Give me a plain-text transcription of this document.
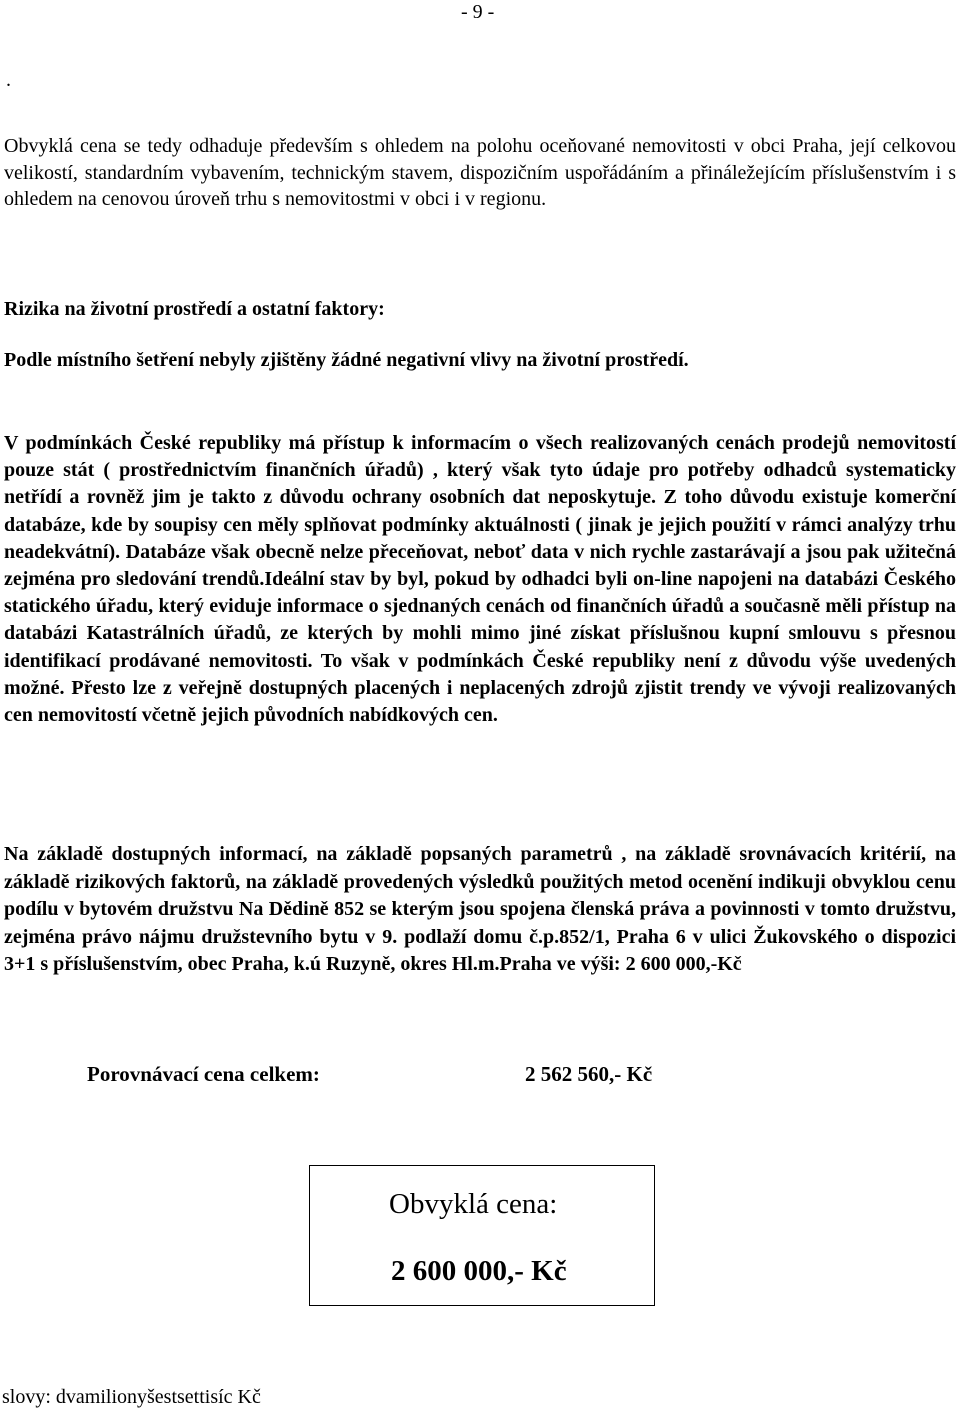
- 9 -
.
Obvyklá cena se tedy odhaduje především s ohledem na polohu oceňované nemovitosti v obci Praha, její celkovou velikostí, standardním vybavením, technickým stavem, dispozičním uspořádáním a přináležejícím příslušenstvím i s ohledem na cenovou úroveň trhu s nemovitostmi v obci i v regionu.
Rizika na životní prostředí a ostatní faktory:
Podle místního šetření nebyly zjištěny žádné negativní vlivy na životní prostředí.
V podmínkách České republiky má přístup k informacím o všech realizovaných cenách prodejů nemovitostí pouze stát ( prostřednictvím finančních úřadů) , který však tyto údaje pro potřeby odhadců systematicky netřídí a rovněž jim je takto z důvodu ochrany osobních dat neposkytuje. Z toho důvodu existuje komerční databáze, kde by soupisy cen měly splňovat podmínky aktuálnosti ( jinak je jejich použití v rámci analýzy trhu neadekvátní). Databáze však obecně nelze přeceňovat, neboť data v nich rychle zastarávají a jsou pak užitečná zejména pro sledování trendů.Ideální stav by byl, pokud by odhadci byli on-line napojeni na databázi Českého statického úřadu, který eviduje informace o sjednaných cenách od finančních úřadů a současně měli přístup na databázi Katastrálních úřadů, ze kterých by mohli mimo jiné získat příslušnou kupní smlouvu s přesnou identifikací prodávané nemovitosti. To však v podmínkách České republiky není z důvodu výše uvedených možné. Přesto lze z veřejně dostupných placených i neplacených zdrojů zjistit trendy ve vývoji realizovaných cen nemovitostí včetně jejich původních nabídkových cen.
Na základě dostupných informací, na základě popsaných parametrů , na základě srovnávacích kritérií, na základě rizikových faktorů, na základě provedených výsledků použitých metod ocenění indikuji obvyklou cenu podílu v bytovém družstvu Na Dědině 852 se kterým jsou spojena členská práva a povinnosti v tomto družstvu, zejména právo nájmu družstevního bytu v 9. podlaží domu č.p.852/1, Praha 6 v ulici Žukovského o dispozici 3+1 s příslušenstvím, obec Praha, k.ú Ruzyně, okres Hl.m.Praha ve výši: 2 600 000,-Kč
Porovnávací cena celkem:	2 562 560,- Kč
Obvyklá cena:
2 600 000,- Kč
slovy: dvamilionyšestsettisíc Kč
